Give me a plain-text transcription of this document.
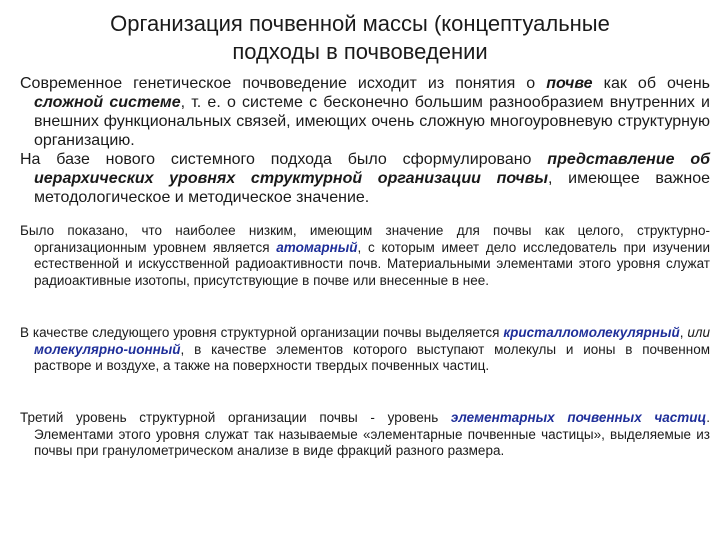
Организация почвенной массы (концептуальные
подходы в почвоведении

Современное генетическое почвоведение исходит из понятия о почве как об очень сложной системе, т. е. о системе с бесконечно большим разнообразием внутренних и внешних функциональных связей, имеющих очень сложную многоуровневую структурную организацию.

На базе нового системного подхода было сформулировано представление об иерархических уровнях структурной организации почвы, имеющее важное методологическое и методическое значение.

Было показано, что наиболее низким, имеющим значение для почвы как целого, структурно-организационным уровнем является атомарный, с которым имеет дело исследователь при изучении естественной и искусственной радиоактивности почв. Материальными элементами этого уровня служат радиоактивные изотопы, присутствующие в почве или внесенные в нее.

В качестве следующего уровня структурной организации почвы выделяется кристалломолекулярный, или молекулярно-ионный, в качестве элементов которого выступают молекулы и ионы в почвенном растворе и воздухе, а также на поверхности твердых почвенных частиц.

Третий уровень структурной организации почвы - уровень элементарных почвенных частиц. Элементами этого уровня служат так называемые «элементарные почвенные частицы», выделяемые из почвы при гранулометрическом анализе в виде фракций разного размера.
